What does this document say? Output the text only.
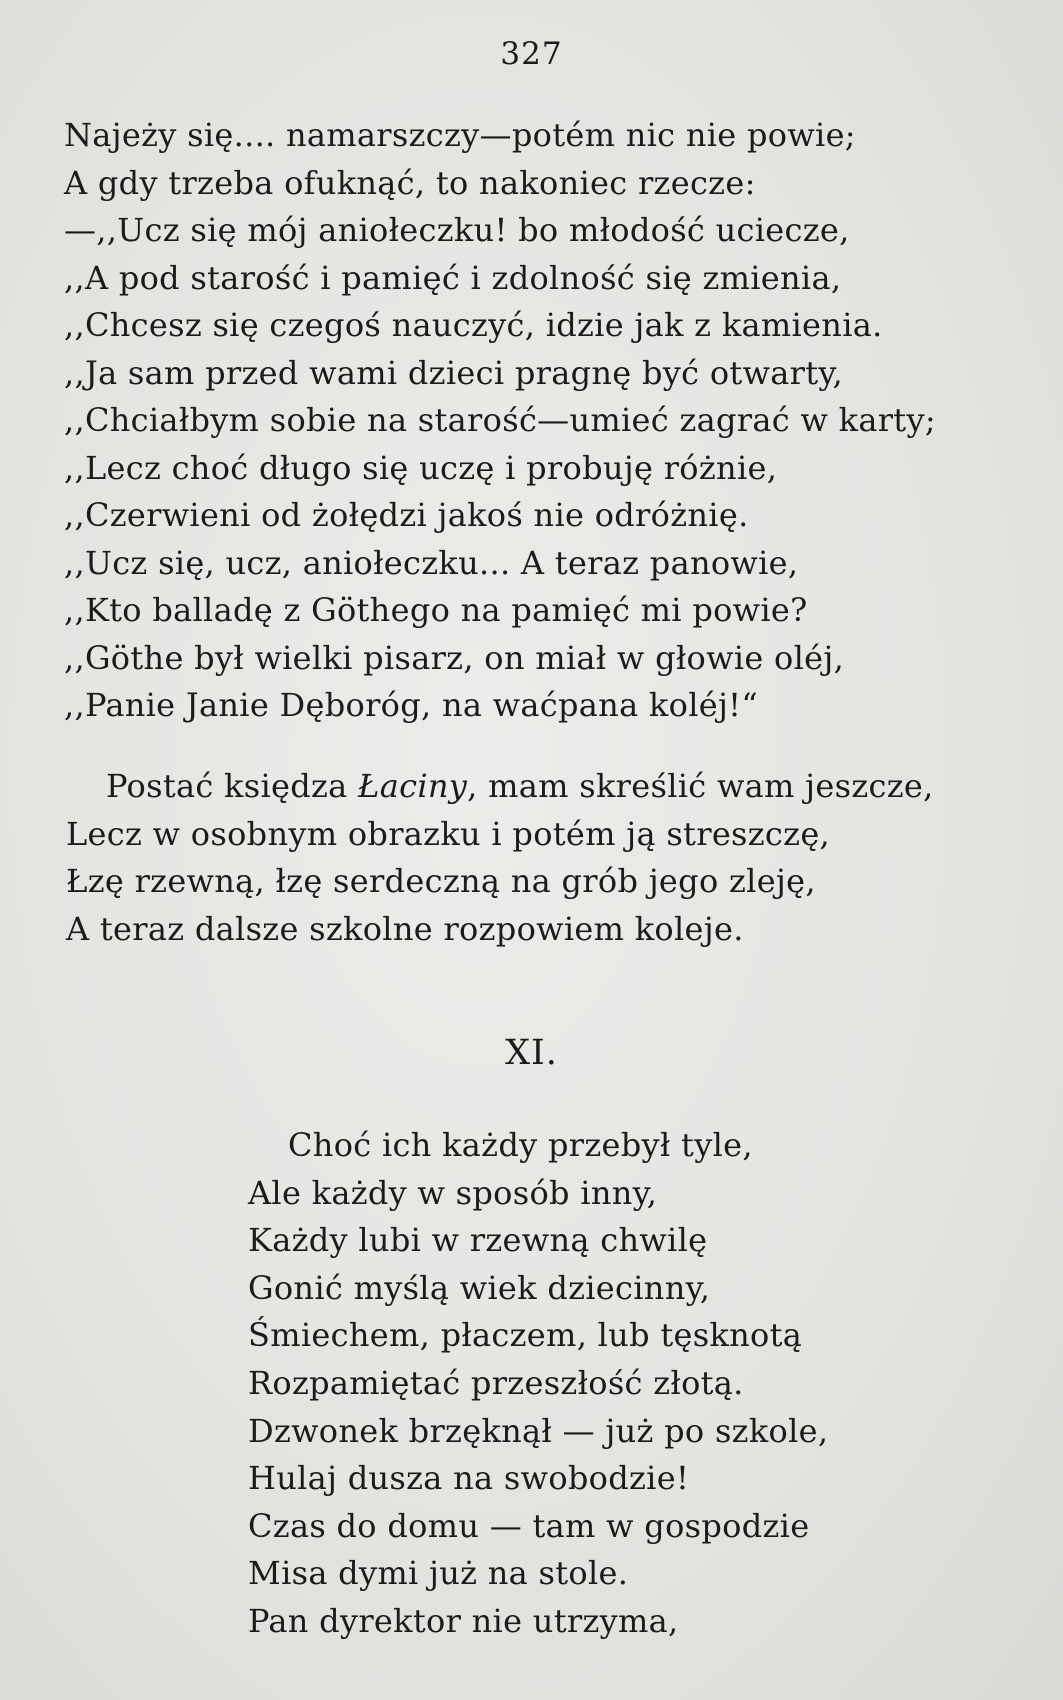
327
Najeży się.... namarszczy—potém nic nie powie;
A gdy trzeba ofuknąć, to nakoniec rzecze:
—,,Ucz się mój aniołeczku! bo młodość uciecze,
,,A pod starość i pamięć i zdolność się zmienia,
,,Chcesz się czegoś nauczyć, idzie jak z kamienia.
,,Ja sam przed wami dzieci pragnę być otwarty,
,,Chciałbym sobie na starość—umieć zagrać w karty;
,,Lecz choć długo się uczę i probuję różnie,
,,Czerwieni od żołędzi jakoś nie odróżnię.
,,Ucz się, ucz, aniołeczku... A teraz panowie,
,,Kto balladę z Göthego na pamięć mi powie?
,,Göthe był wielki pisarz, on miał w głowie oléj,
,,Panie Janie Dęboróg, na waćpana koléj!“
Postać księdza Łaciny, mam skreślić wam jeszcze,
Lecz w osobnym obrazku i potém ją streszczę,
Łzę rzewną, łzę serdeczną na grób jego zleję,
A teraz dalsze szkolne rozpowiem koleje.
XI.
Choć ich każdy przebył tyle,
Ale każdy w sposób inny,
Każdy lubi w rzewną chwilę
Gonić myślą wiek dziecinny,
Śmiechem, płaczem, lub tęsknotą
Rozpamiętać przeszłość złotą.
Dzwonek brzęknął — już po szkole,
Hulaj dusza na swobodzie!
Czas do domu — tam w gospodzie
Misa dymi już na stole.
Pan dyrektor nie utrzyma,
